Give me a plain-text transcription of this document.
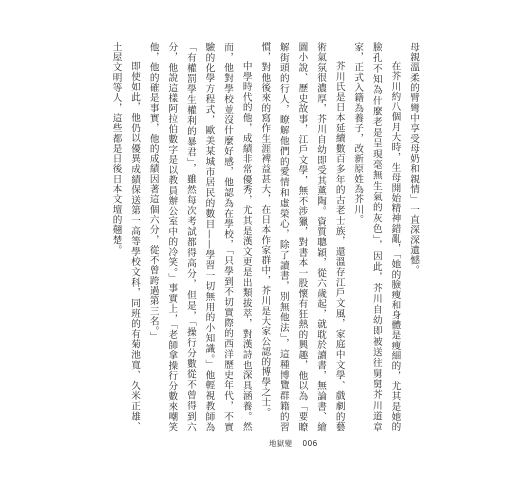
母親溫柔的臂彎中享受母奶和親情」一直深深遺憾。

在芥川約八個月大時，生母開始精神錯亂，「她的臉瘦和身體是瘦細的，尤其是她的臉孔不知為什麼老是呈現毫無生氣的灰色」，因此，芥川自幼即被送往舅舅芥川道章家，正式入籍為養子，改新原姓為芥川。

芥川氏是日本延續數百多年的古老士族，還溫存江戶文風，家庭中文學、戲劇的藝術氣氛很濃厚，芥川自幼即受其薰陶。資質聰穎，從六歲起，就耽於讀書，無論書、繪圖小說、歷史故事，江戶文學，無不涉獵，對書本一股懷有狂熱的興趣，他以為「要瞭解街頭的行人，瞭解他們的愛情和虛榮心，除了讀書，別無他法」，這種博覽群籍的習慣，對他後來的寫作生涯裨益甚大，在日本作家群中，芥川是大家公認的博學之士。

中學時代的他，成績非常優秀，尤其是漢文更是出類拔萃，對漢詩也深具涵養。然而，他對學校並沒什麼好感，他認為在學校，「只學到不切實際的西洋歷史年代，不實驗的化學方程式，歐美某城市居民的數目——學習一切無用的小知識。」他輕視教師為「有權罰學生權利的暴君」，雖然每次考試都得高分，但是，「操行分數從不曾得到六分，他說這樣阿拉伯數字是以教員辦公室中的冷笑。」事實上，「老師拿操行分數來嘲笑他，他的確是事實，他的成績因著這個六分，從不曾跨過第三名。」

即使如此，他仍以優異成績保送第一高等學校文科，同班的有菊池寬、久米正雄、土屋文明等人，這些都是日後日本文壇的翹楚。

地獄變 006
